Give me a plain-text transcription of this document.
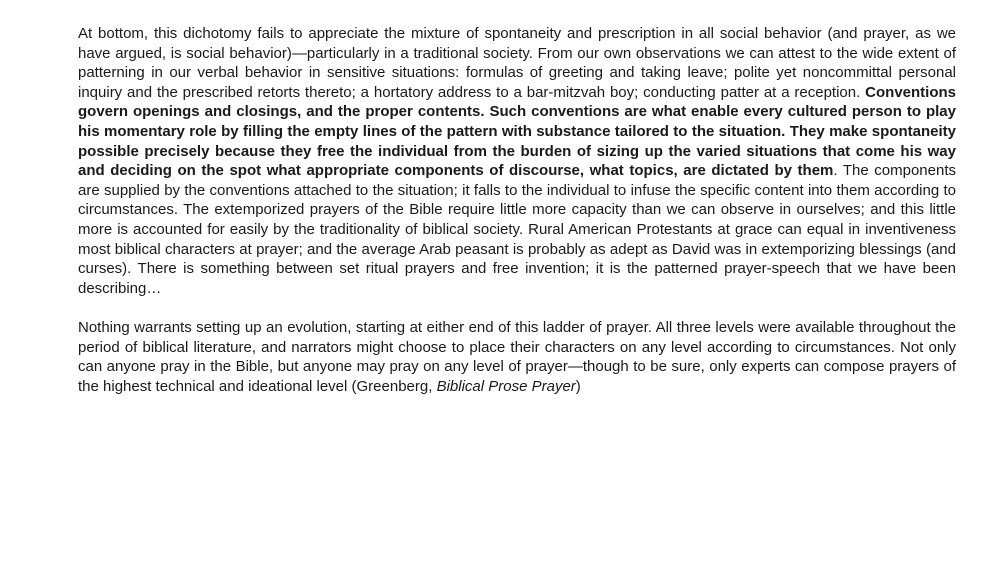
At bottom, this dichotomy fails to appreciate the mixture of spontaneity and prescription in all social behavior (and prayer, as we have argued, is social behavior)—particularly in a traditional society. From our own observations we can attest to the wide extent of patterning in our verbal behavior in sensitive situations: formulas of greeting and taking leave; polite yet noncommittal personal inquiry and the prescribed retorts thereto; a hortatory address to a bar-mitzvah boy; conducting patter at a reception. Conventions govern openings and closings, and the proper contents. Such conventions are what enable every cultured person to play his momentary role by filling the empty lines of the pattern with substance tailored to the situation. They make spontaneity possible precisely because they free the individual from the burden of sizing up the varied situations that come his way and deciding on the spot what appropriate components of discourse, what topics, are dictated by them. The components are supplied by the conventions attached to the situation; it falls to the individual to infuse the specific content into them according to circumstances. The extemporized prayers of the Bible require little more capacity than we can observe in ourselves; and this little more is accounted for easily by the traditionality of biblical society. Rural American Protestants at grace can equal in inventiveness most biblical characters at prayer; and the average Arab peasant is probably as adept as David was in extemporizing blessings (and curses). There is something between set ritual prayers and free invention; it is the patterned prayer-speech that we have been describing…

Nothing warrants setting up an evolution, starting at either end of this ladder of prayer. All three levels were available throughout the period of biblical literature, and narrators might choose to place their characters on any level according to circumstances. Not only can anyone pray in the Bible, but anyone may pray on any level of prayer—though to be sure, only experts can compose prayers of the highest technical and ideational level (Greenberg, Biblical Prose Prayer)
